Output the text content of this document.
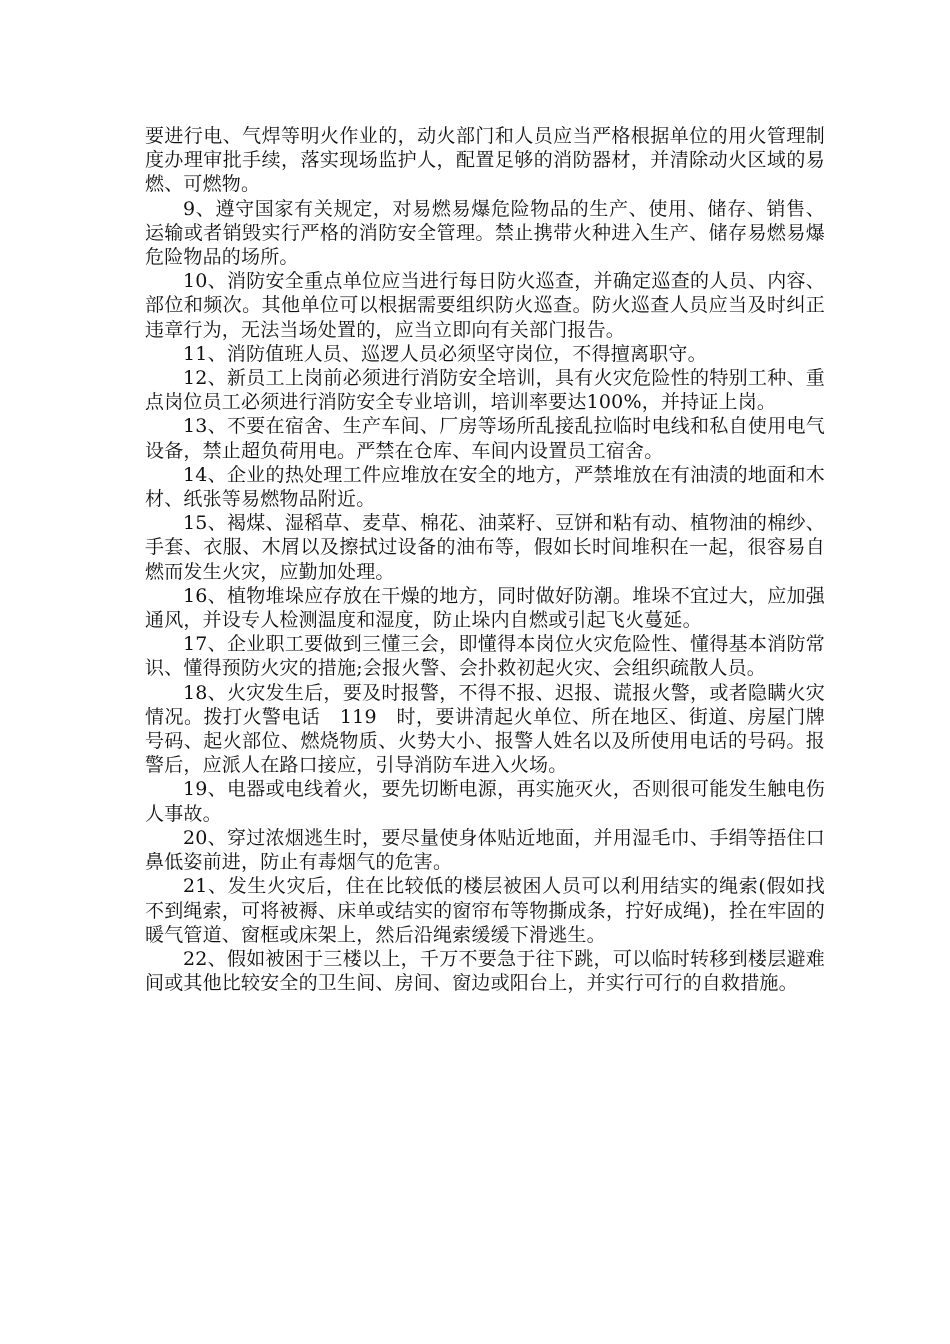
要进行电、气焊等明火作业的，动火部门和人员应当严格根据单位的用火管理制度办理审批手续，落实现场监护人，配置足够的消防器材，并清除动火区域的易燃、可燃物。

9、遵守国家有关规定，对易燃易爆危险物品的生产、使用、储存、销售、运输或者销毁实行严格的消防安全管理。禁止携带火种进入生产、储存易燃易爆危险物品的场所。

10、消防安全重点单位应当进行每日防火巡查，并确定巡查的人员、内容、部位和频次。其他单位可以根据需要组织防火巡查。防火巡查人员应当及时纠正违章行为，无法当场处置的，应当立即向有关部门报告。

11、消防值班人员、巡逻人员必须坚守岗位，不得擅离职守。

12、新员工上岗前必须进行消防安全培训，具有火灾危险性的特别工种、重点岗位员工必须进行消防安全专业培训，培训率要达100%，并持证上岗。

13、不要在宿舍、生产车间、厂房等场所乱接乱拉临时电线和私自使用电气设备，禁止超负荷用电。严禁在仓库、车间内设置员工宿舍。

14、企业的热处理工件应堆放在安全的地方，严禁堆放在有油渍的地面和木材、纸张等易燃物品附近。

15、褐煤、湿稻草、麦草、棉花、油菜籽、豆饼和粘有动、植物油的棉纱、手套、衣服、木屑以及擦拭过设备的油布等，假如长时间堆积在一起，很容易自燃而发生火灾，应勤加处理。

16、植物堆垛应存放在干燥的地方，同时做好防潮。堆垛不宜过大，应加强通风，并设专人检测温度和湿度，防止垛内自燃或引起飞火蔓延。

17、企业职工要做到三懂三会，即懂得本岗位火灾危险性、懂得基本消防常识、懂得预防火灾的措施;会报火警、会扑救初起火灾、会组织疏散人员。

18、火灾发生后，要及时报警，不得不报、迟报、谎报火警，或者隐瞒火灾情况。拨打火警电话　119　时，要讲清起火单位、所在地区、街道、房屋门牌号码、起火部位、燃烧物质、火势大小、报警人姓名以及所使用电话的号码。报警后，应派人在路口接应，引导消防车进入火场。

19、电器或电线着火，要先切断电源，再实施灭火，否则很可能发生触电伤人事故。

20、穿过浓烟逃生时，要尽量使身体贴近地面，并用湿毛巾、手绢等捂住口鼻低姿前进，防止有毒烟气的危害。

21、发生火灾后，住在比较低的楼层被困人员可以利用结实的绳索(假如找不到绳索，可将被褥、床单或结实的窗帘布等物撕成条，拧好成绳)，拴在牢固的暖气管道、窗框或床架上，然后沿绳索缓缓下滑逃生。

22、假如被困于三楼以上，千万不要急于往下跳，可以临时转移到楼层避难间或其他比较安全的卫生间、房间、窗边或阳台上，并实行可行的自救措施。
